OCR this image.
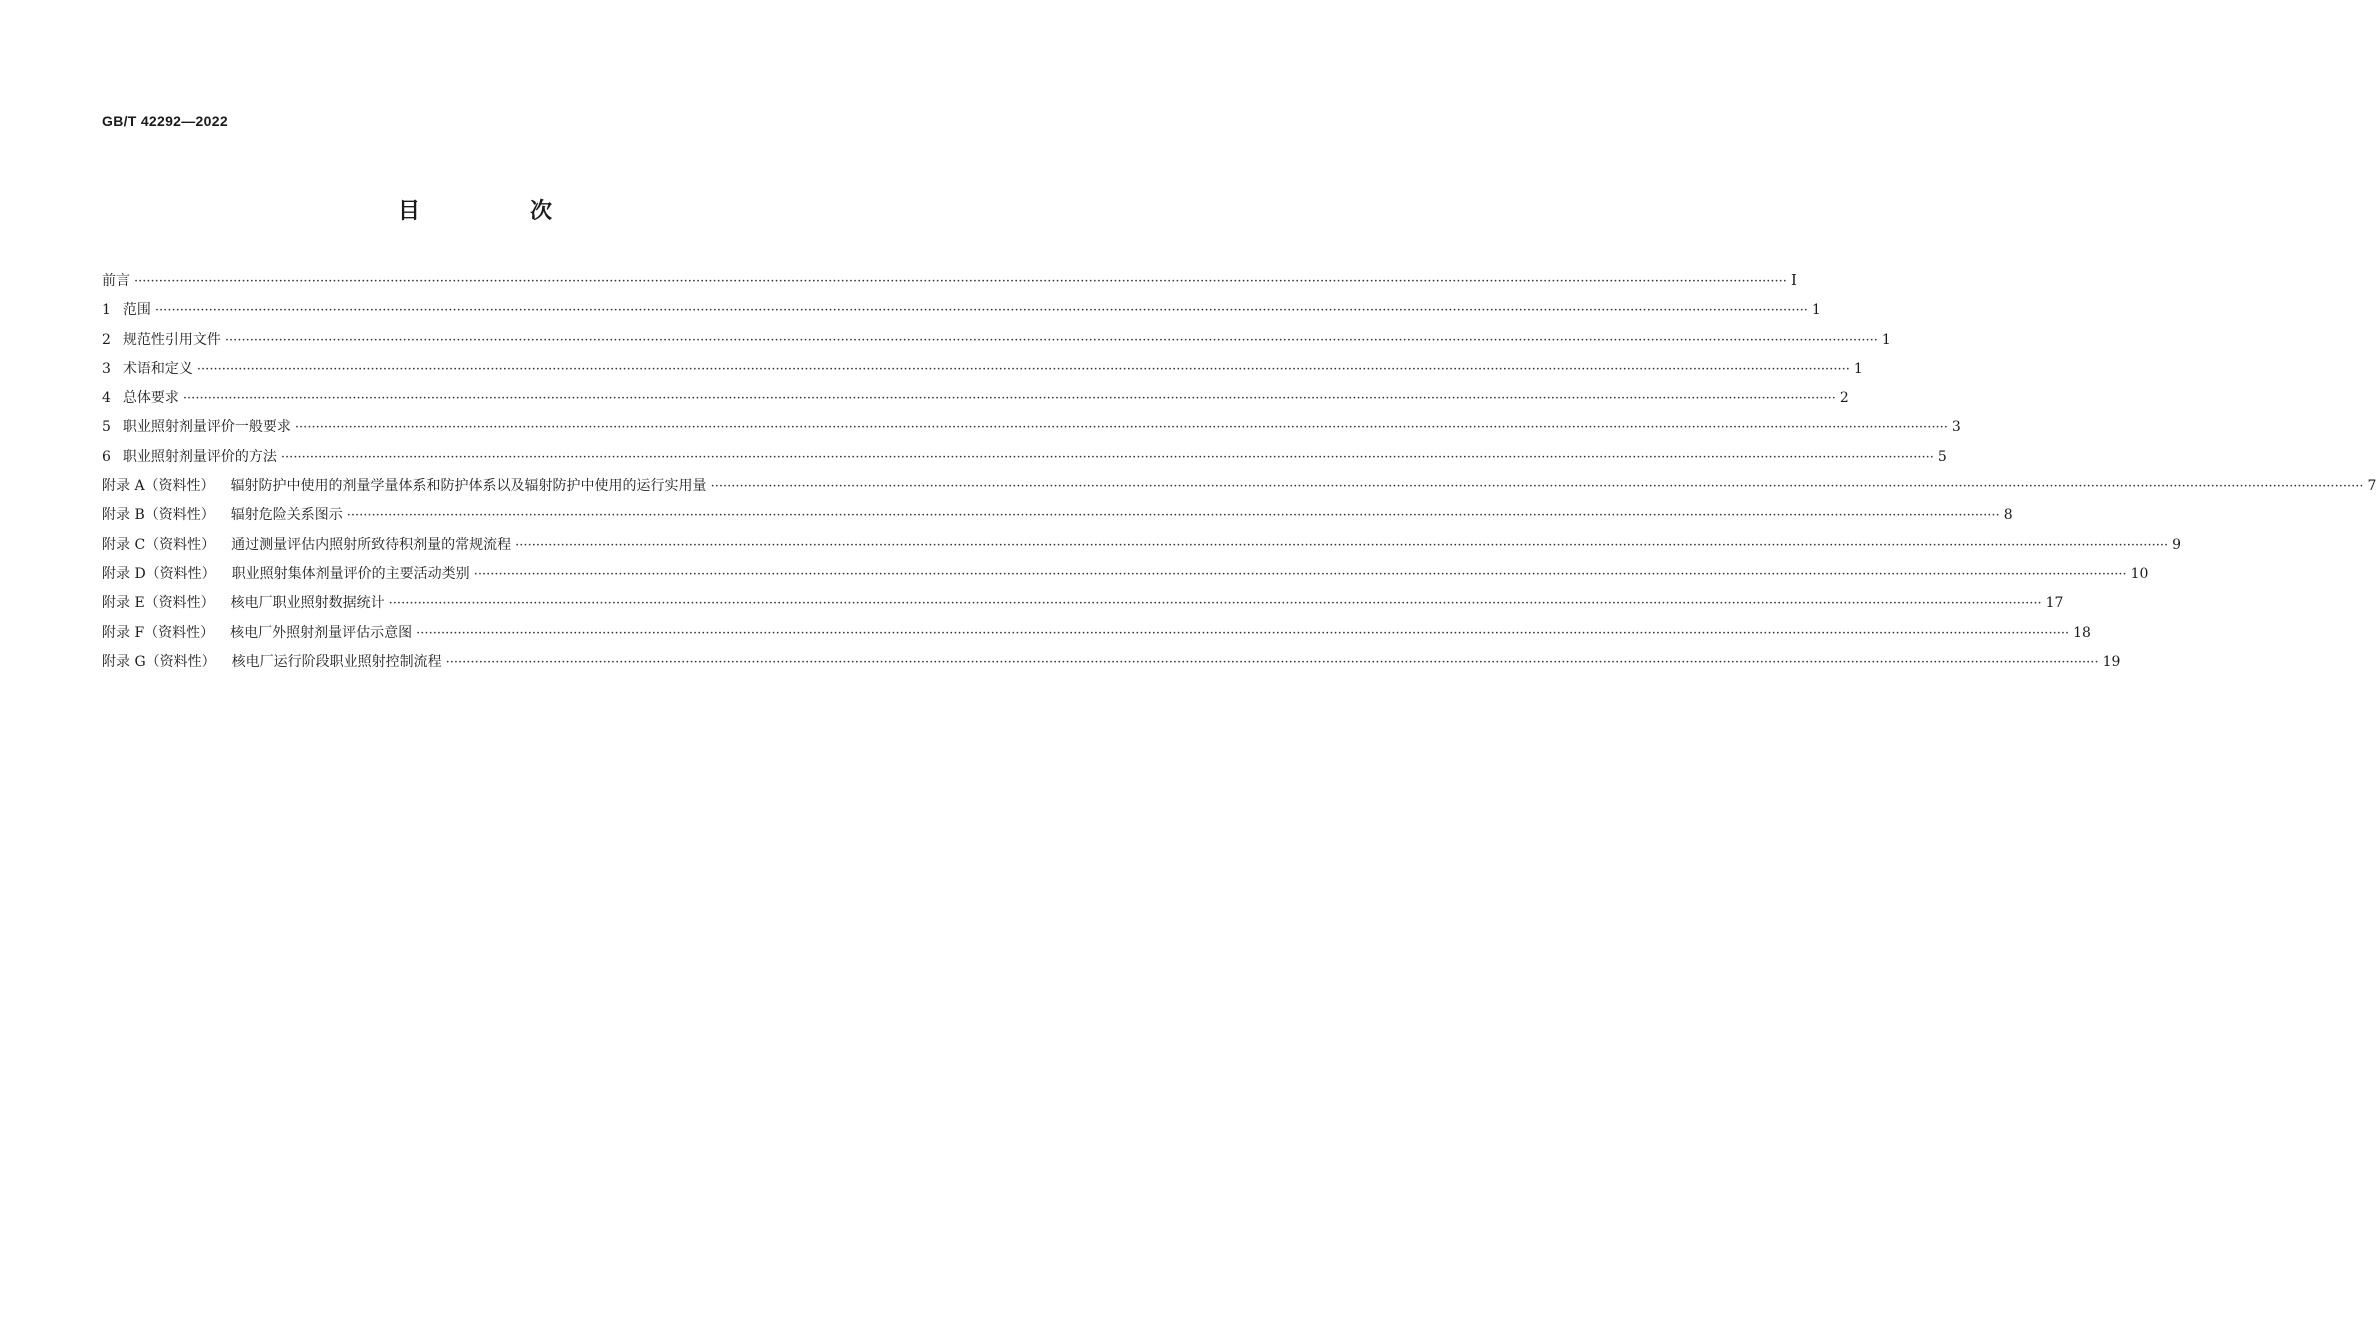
GB/T 42292—2022
目　次
前言 ················································································································································································································································································································································································································ Ⅰ
1 范围 ················································································································································································································································································································································································································ 1
2 规范性引用文件 ················································································································································································································································································································································································································ 1
3 术语和定义 ················································································································································································································································································································································································································ 1
4 总体要求 ················································································································································································································································································································································································································ 2
5 职业照射剂量评价一般要求 ················································································································································································································································································································································································································ 3
6 职业照射剂量评价的方法 ················································································································································································································································································································································································································ 5
附录 A（资料性） 辐射防护中使用的剂量学量体系和防护体系以及辐射防护中使用的运行实用量 ················································································································································································································································································································································································································ 7
附录 B（资料性） 辐射危险关系图示 ················································································································································································································································································································································································································ 8
附录 C（资料性） 通过测量评估内照射所致待积剂量的常规流程 ················································································································································································································································································································································································································ 9
附录 D（资料性） 职业照射集体剂量评价的主要活动类别 ················································································································································································································································································································································································································ 10
附录 E（资料性） 核电厂职业照射数据统计 ················································································································································································································································································································································································································ 17
附录 F（资料性） 核电厂外照射剂量评估示意图 ················································································································································································································································································································································································································ 18
附录 G（资料性） 核电厂运行阶段职业照射控制流程 ················································································································································································································································································································································································································ 19
